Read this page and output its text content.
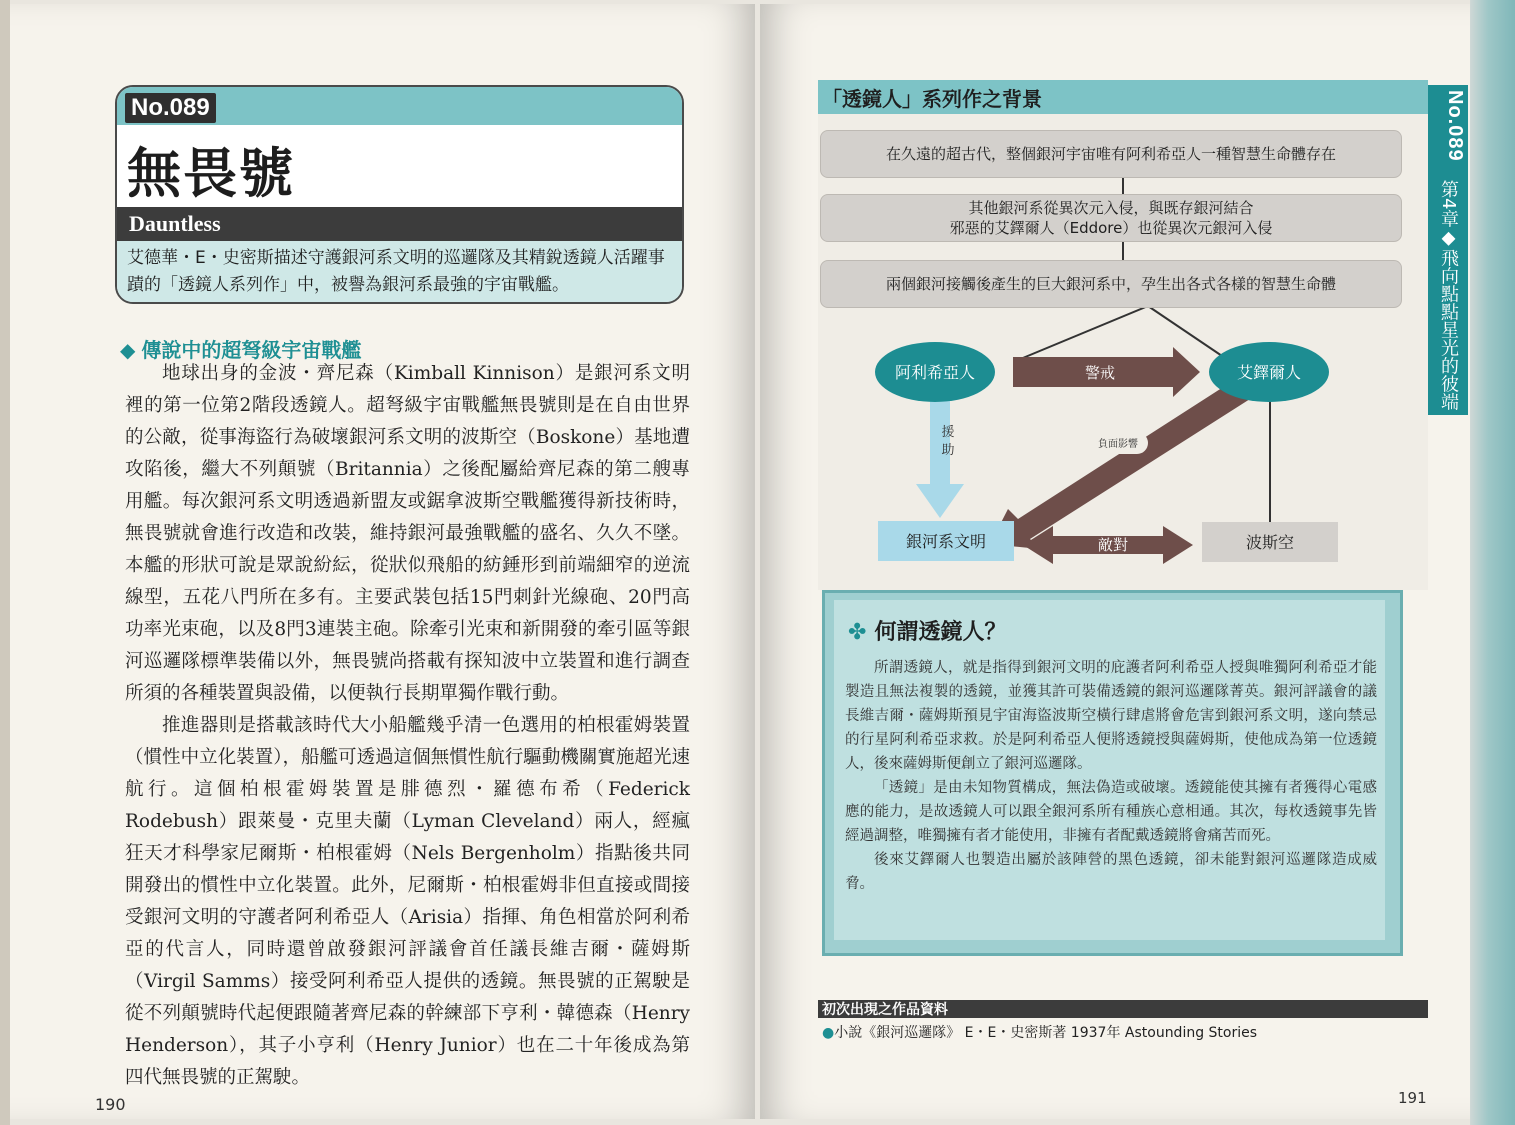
No.089
無畏號
Dauntless
艾德華・E・史密斯描述守護銀河系文明的巡邏隊及其精銳透鏡人活躍事蹟的「透鏡人系列作」中，被譽為銀河系最強的宇宙戰艦。
◆ 傳說中的超弩級宇宙戰艦

地球出身的金波・齊尼森（Kimball Kinnison）是銀河系文明裡的第一位第2階段透鏡人。超弩級宇宙戰艦無畏號則是在自由世界的公敵，從事海盜行為破壞銀河系文明的波斯空（Boskone）基地遭攻陷後，繼大不列顛號（Britannia）之後配屬給齊尼森的第二艘專用艦。每次銀河系文明透過新盟友或鋸拿波斯空戰艦獲得新技術時，無畏號就會進行改造和改裝，維持銀河最強戰艦的盛名、久久不墜。本艦的形狀可說是眾說紛紜，從狀似飛船的紡錘形到前端細窄的逆流線型，五花八門所在多有。主要武裝包括15門刺針光線砲、20門高功率光束砲，以及8門3連裝主砲。除牽引光束和新開發的牽引區等銀河巡邏隊標準裝備以外，無畏號尚搭載有探知波中立裝置和進行調查所須的各種裝置與設備，以便執行長期單獨作戰行動。

推進器則是搭載該時代大小船艦幾乎清一色選用的柏根霍姆裝置（慣性中立化裝置），船艦可透過這個無慣性航行驅動機關實施超光速航行。這個柏根霍姆裝置是腓德烈・羅德布希（Federick Rodebush）跟萊曼・克里夫蘭（Lyman Cleveland）兩人，經瘋狂天才科學家尼爾斯・柏根霍姆（Nels Bergenholm）指點後共同開發出的慣性中立化裝置。此外，尼爾斯・柏根霍姆非但直接或間接受銀河文明的守護者阿利希亞人（Arisia）指揮、角色相當於阿利希亞的代言人，同時還曾啟發銀河評議會首任議長維吉爾・薩姆斯（Virgil Samms）接受阿利希亞人提供的透鏡。無畏號的正駕駛是從不列顛號時代起便跟隨著齊尼森的幹練部下亨利・韓德森（Henry Henderson），其子小亨利（Henry Junior）也在二十年後成為第四代無畏號的正駕駛。

190
「透鏡人」系列作之背景	No.089
第4章◆飛向點點星光的彼端
阿利希亞人	艾鐸爾人
銀河系文明	波斯空
警戒
敵對
負面影響
援
助
在久遠的超古代，整個銀河宇宙唯有阿利希亞人一種智慧生命體存在
其他銀河系從異次元入侵，與既存銀河結合
邪惡的艾鐸爾人（Eddore）也從異次元銀河入侵
兩個銀河接觸後產生的巨大銀河系中，孕生出各式各樣的智慧生命體
✤ 何謂透鏡人？

所謂透鏡人，就是指得到銀河文明的庇護者阿利希亞人授與唯獨阿利希亞才能製造且無法複製的透鏡，並獲其許可裝備透鏡的銀河巡邏隊菁英。銀河評議會的議長維吉爾・薩姆斯預見宇宙海盜波斯空橫行肆虐將會危害到銀河系文明，遂向禁忌的行星阿利希亞求救。於是阿利希亞人便將透鏡授與薩姆斯，使他成為第一位透鏡人，後來薩姆斯便創立了銀河巡邏隊。

「透鏡」是由未知物質構成，無法偽造或破壞。透鏡能使其擁有者獲得心電感應的能力，是故透鏡人可以跟全銀河系所有種族心意相通。其次，每枚透鏡事先皆經過調整，唯獨擁有者才能使用，非擁有者配戴透鏡將會痛苦而死。

後來艾鐸爾人也製造出屬於該陣營的黑色透鏡，卻未能對銀河巡邏隊造成威脅。

初次出現之作品資料
●小說《銀河巡邏隊》 E・E・史密斯著 1937年 Astounding Stories
191
